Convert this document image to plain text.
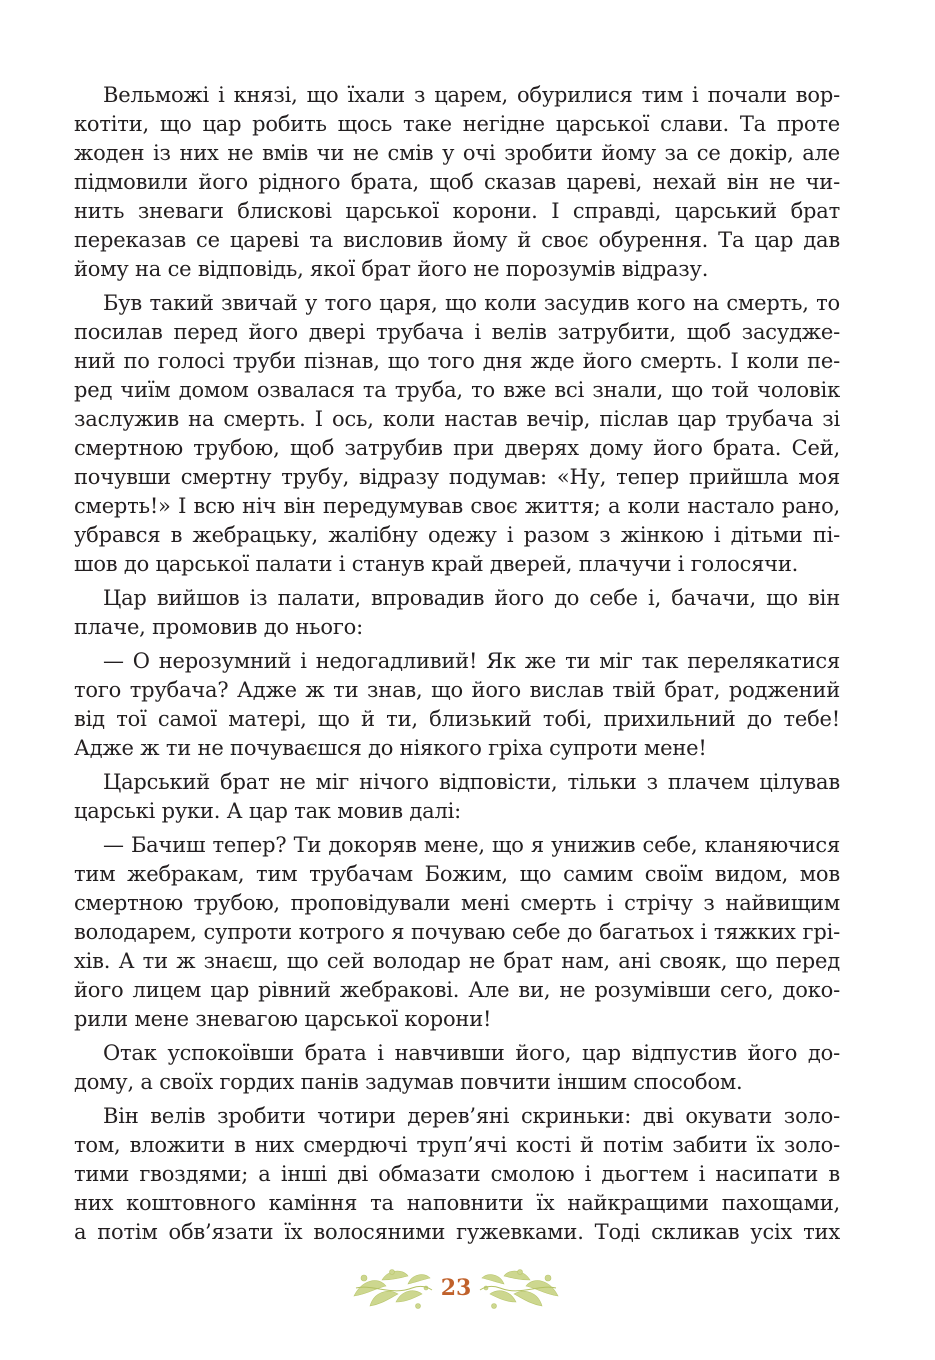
Вельможі і князі, що їхали з царем, обурилися тим і почали вор-
котіти, що цар робить щось таке негідне царської слави. Та проте
жоден із них не вмів чи не смів у очі зробити йому за се докір, але
підмовили його рідного брата, щоб сказав цареві, нехай він не чи-
нить зневаги блискові царської корони. І справді, царський брат
переказав се цареві та висловив йому й своє обурення. Та цар дав
йому на се відповідь, якої брат його не порозумів відразу.
Був такий звичай у того царя, що коли засудив кого на смерть, то
посилав перед його двері трубача і велів затрубити, щоб засудже-
ний по голосі труби пізнав, що того дня жде його смерть. І коли пе-
ред чиїм домом озвалася та труба, то вже всі знали, що той чоловік
заслужив на смерть. І ось, коли настав вечір, післав цар трубача зі
смертною трубою, щоб затрубив при дверях дому його брата. Сей,
почувши смертну трубу, відразу подумав: «Ну, тепер прийшла моя
смерть!» І всю ніч він передумував своє життя; а коли настало рано,
убрався в жебрацьку, жалібну одежу і разом з жінкою і дітьми пі-
шов до царської палати і станув край дверей, плачучи і голосячи.
Цар вийшов із палати, впровадив його до себе і, бачачи, що він
плаче, промовив до нього:
— О нерозумний і недогадливий! Як же ти міг так перелякатися
того трубача? Адже ж ти знав, що його вислав твій брат, роджений
від тої самої матері, що й ти, близький тобі, прихильний до тебе!
Адже ж ти не почуваєшся до ніякого гріха супроти мене!
Царський брат не міг нічого відповісти, тільки з плачем цілував
царські руки. А цар так мовив далі:
— Бачиш тепер? Ти докоряв мене, що я унижив себе, кланяючися
тим жебракам, тим трубачам Божим, що самим своїм видом, мов
смертною трубою, проповідували мені смерть і стрічу з найвищим
володарем, супроти котрого я почуваю себе до багатьох і тяжких грі-
хів. А ти ж знаєш, що сей володар не брат нам, ані свояк, що перед
його лицем цар рівний жебракові. Але ви, не розумівши сего, доко-
рили мене зневагою царської корони!
Отак успокоївши брата і навчивши його, цар відпустив його до-
дому, а своїх гордих панів задумав повчити іншим способом.
Він велів зробити чотири дерев’яні скриньки: дві окувати золо-
том, вложити в них смердючі труп’ячі кості й потім забити їх золо-
тими гвоздями; а інші дві обмазати смолою і дьогтем і насипати в
них коштовного каміння та наповнити їх найкращими пахощами,
а потім обв’язати їх волосяними гужевками. Тоді скликав усіх тих
23
